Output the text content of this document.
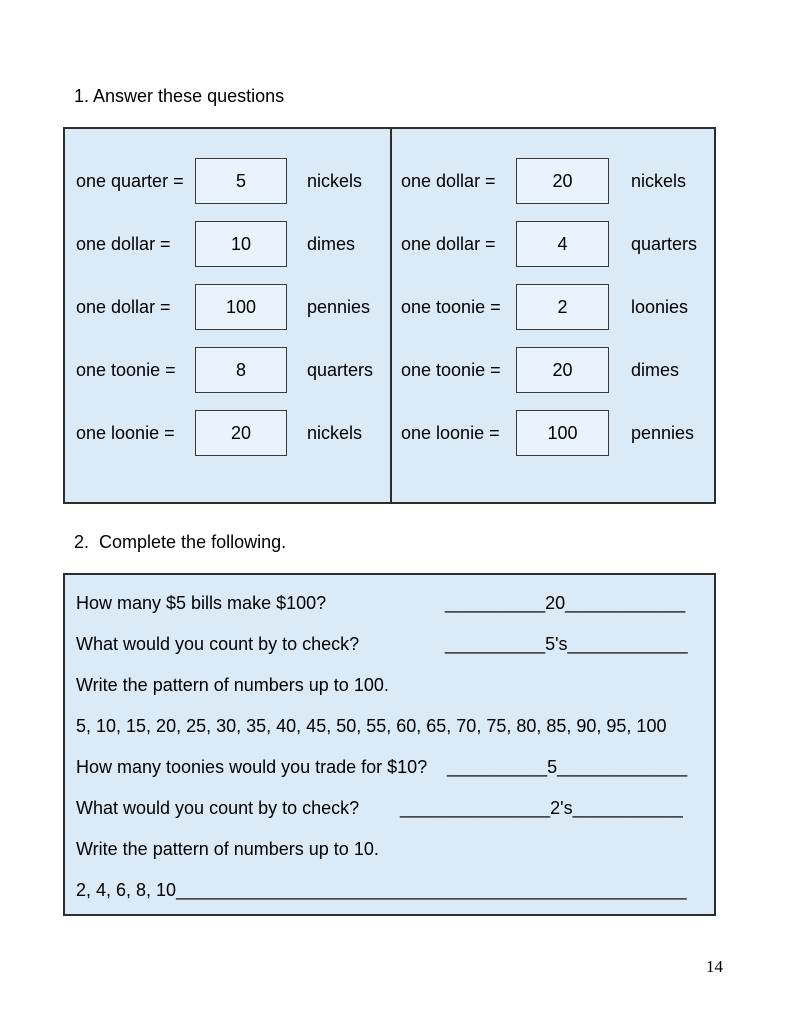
1. Answer these questions
one quarter =	5	nickels
one dollar =	10	dimes
one dollar =	100	pennies
one toonie =	8	quarters
one loonie =	20	nickels
one dollar =	20	nickels
one dollar =	4	quarters
one toonie =	2	loonies
one toonie =	20	dimes
one loonie =	100	pennies
2.  Complete the following.
How many $5 bills make $100?	__________20____________
What would you count by to check?	__________5's____________
Write the pattern of numbers up to 100.
5, 10, 15, 20, 25, 30, 35, 40, 45, 50, 55, 60, 65, 70, 75, 80, 85, 90, 95, 100
How many toonies would you trade for $10?	__________5_____________
What would you count by to check?	_______________2's___________
Write the pattern of numbers up to 10.
2, 4, 6, 8, 10 ___________________________________________________
14
